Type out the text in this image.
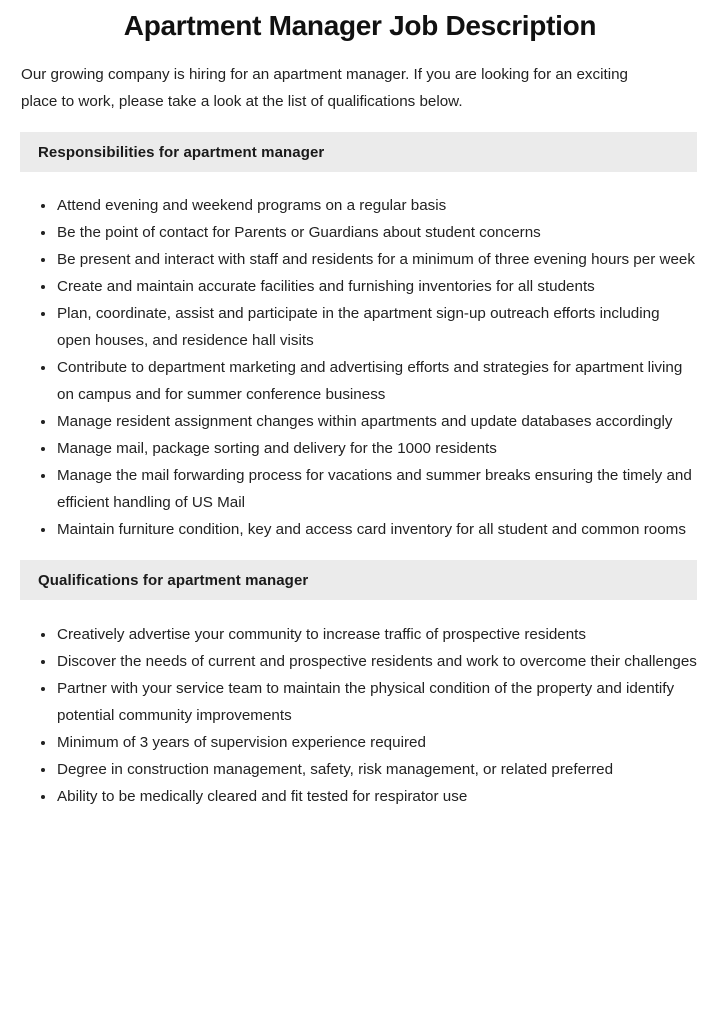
Apartment Manager Job Description

Our growing company is hiring for an apartment manager. If you are looking for an exciting place to work, please take a look at the list of qualifications below.

Responsibilities for apartment manager
Attend evening and weekend programs on a regular basis
Be the point of contact for Parents or Guardians about student concerns
Be present and interact with staff and residents for a minimum of three evening hours per week
Create and maintain accurate facilities and furnishing inventories for all students
Plan, coordinate, assist and participate in the apartment sign-up outreach efforts including open houses, and residence hall visits
Contribute to department marketing and advertising efforts and strategies for apartment living on campus and for summer conference business
Manage resident assignment changes within apartments and update databases accordingly
Manage mail, package sorting and delivery for the 1000 residents
Manage the mail forwarding process for vacations and summer breaks ensuring the timely and efficient handling of US Mail
Maintain furniture condition, key and access card inventory for all student and common rooms
Qualifications for apartment manager
Creatively advertise your community to increase traffic of prospective residents
Discover the needs of current and prospective residents and work to overcome their challenges
Partner with your service team to maintain the physical condition of the property and identify potential community improvements
Minimum of 3 years of supervision experience required
Degree in construction management, safety, risk management, or related preferred
Ability to be medically cleared and fit tested for respirator use
